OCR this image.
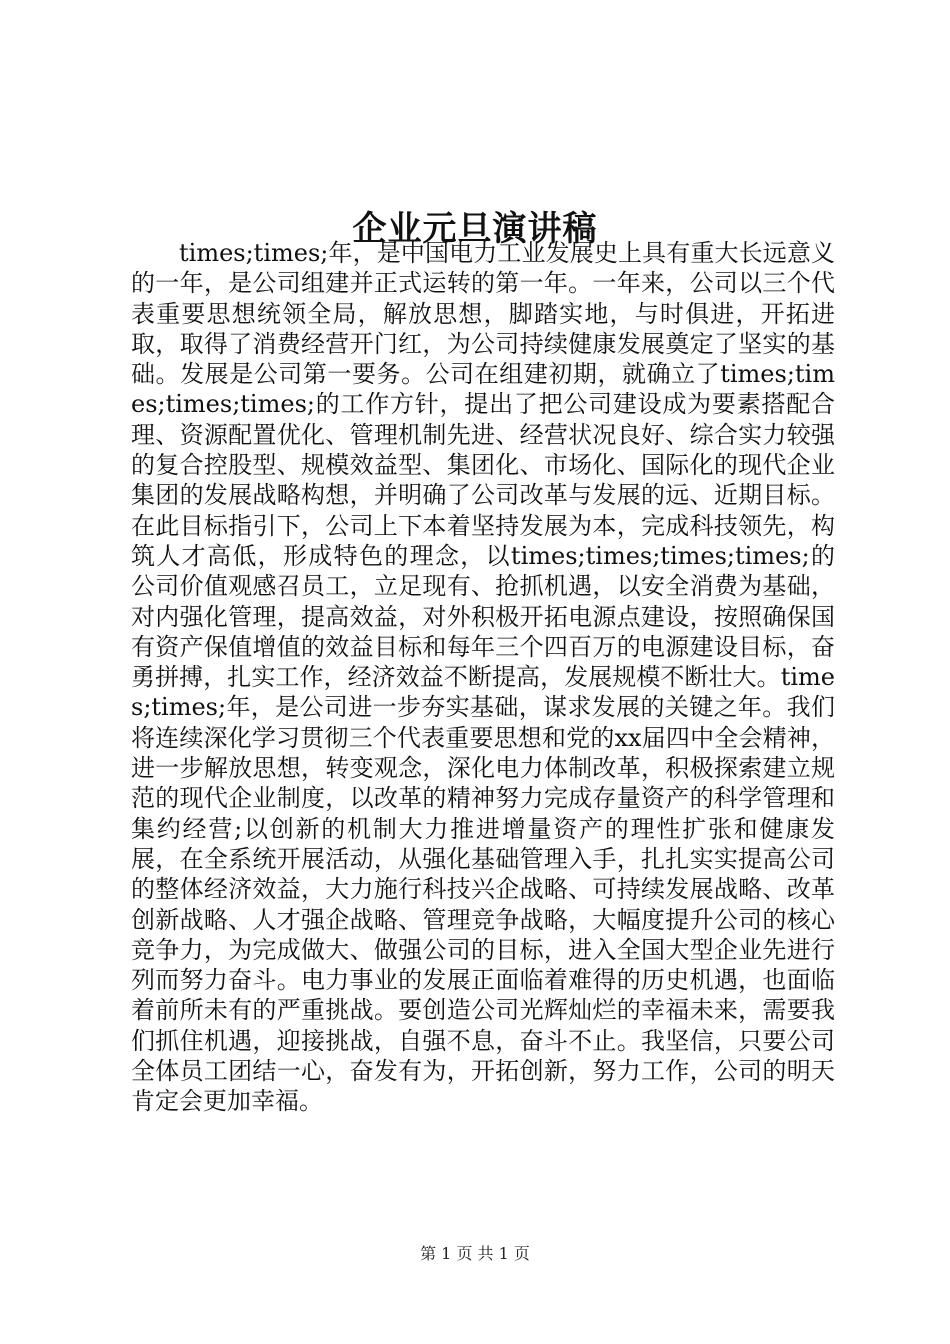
企业元旦演讲稿

times;times;年，是中国电力工业发展史上具有重大长远意义的一年，是公司组建并正式运转的第一年。一年来，公司以三个代表重要思想统领全局，解放思想，脚踏实地，与时俱进，开拓进取，取得了消费经营开门红，为公司持续健康发展奠定了坚实的基础。发展是公司第一要务。公司在组建初期，就确立了times;times;times;times;的工作方针，提出了把公司建设成为要素搭配合理、资源配置优化、管理机制先进、经营状况良好、综合实力较强的复合控股型、规模效益型、集团化、市场化、国际化的现代企业集团的发展战略构想，并明确了公司改革与发展的远、近期目标。在此目标指引下，公司上下本着坚持发展为本，完成科技领先，构筑人才高低，形成特色的理念，以times;times;times;times;的公司价值观感召员工，立足现有、抢抓机遇，以安全消费为基础，对内强化管理，提高效益，对外积极开拓电源点建设，按照确保国有资产保值增值的效益目标和每年三个四百万的电源建设目标，奋勇拼搏，扎实工作，经济效益不断提高，发展规模不断壮大。times;times;年，是公司进一步夯实基础，谋求发展的关键之年。我们将连续深化学习贯彻三个代表重要思想和党的xx届四中全会精神，进一步解放思想，转变观念，深化电力体制改革，积极探索建立规范的现代企业制度，以改革的精神努力完成存量资产的科学管理和集约经营;以创新的机制大力推进增量资产的理性扩张和健康发展，在全系统开展活动，从强化基础管理入手，扎扎实实提高公司的整体经济效益，大力施行科技兴企战略、可持续发展战略、改革创新战略、人才强企战略、管理竞争战略，大幅度提升公司的核心竞争力，为完成做大、做强公司的目标，进入全国大型企业先进行列而努力奋斗。电力事业的发展正面临着难得的历史机遇，也面临着前所未有的严重挑战。要创造公司光辉灿烂的幸福未来，需要我们抓住机遇，迎接挑战，自强不息，奋斗不止。我坚信，只要公司全体员工团结一心，奋发有为，开拓创新，努力工作，公司的明天肯定会更加幸福。

第 1 页 共 1 页
